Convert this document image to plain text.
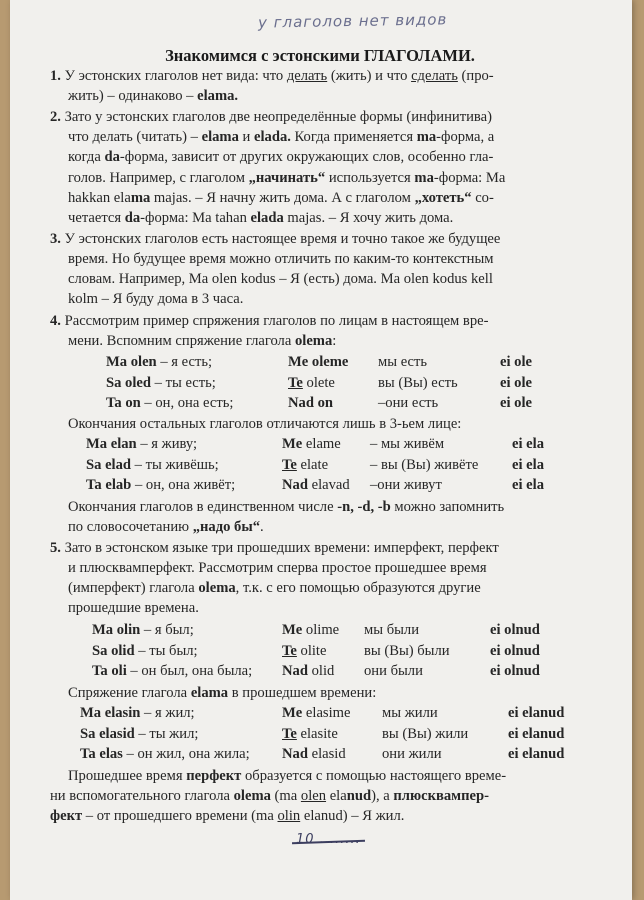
у глаголов нет видов
Знакомимся с эстонскими ГЛАГОЛАМИ.
1. У эстонских глаголов нет вида: что делать (жить) и что сделать (про-
жить) – одинаково – elama.
2. Зато у эстонских глаголов две неопределённые формы (инфинитива)
что делать (читать) – elama и elada. Когда применяется ma-форма, а
когда da-форма, зависит от других окружающих слов, особенно гла-
голов. Например, с глаголом „начинать“ используется ma-форма: Ma
hakkan elama majas. – Я начну жить дома. А с глаголом „хотеть“ со-
четается da-форма: Ma tahan elada majas. – Я хочу жить дома.
3. У эстонских глаголов есть настоящее время и точно такое же будущее
время. Но будущее время можно отличить по каким-то контекстным
словам. Например, Ma olen kodus – Я (есть) дома. Ma olen kodus kell
kolm – Я буду дома в 3 часа.
4. Рассмотрим пример спряжения глаголов по лицам в настоящем вре-
мени. Вспомним спряжение глагола olema:
Ma olen – я есть;	Me oleme мы есть	ei ole
Sa oled – ты есть;	Te olete	вы (Вы) есть	ei ole
Ta on – он, она есть;	Nad on	–они есть	ei ole
Окончания остальных глаголов отличаются лишь в 3-ьем лице:
Ma elan – я живу;	Me elame – мы живём	ei ela
Sa elad – ты живёшь;	Te elate	– вы (Вы) живёте ei ela
Ta elab – он, она живёт;	Nad elavad –они живут	ei ela
Окончания глаголов в единственном числе -n, -d, -b можно запомнить
по словосочетанию „надо бы“.
5. Зато в эстонском языке три прошедших времени: имперфект, перфект
и плюсквамперфект. Рассмотрим сперва простое прошедшее время
(имперфект) глагола olema, т.к. с его помощью образуются другие
прошедшие времена.
Ma olin – я был;	Me olime мы были	ei olnud
Sa olid – ты был;	Te olite	вы (Вы) были	ei olnud
Ta oli – он был, она была; Nad olid они были	ei olnud
Спряжение глагола elama в прошедшем времени:
Ma elasin – я жил;	Me elasime мы жили	ei elanud
Sa elasid – ты жил;	Te elasite	вы (Вы) жили	ei elanud
Ta elas – он жил, она жила; Nad elasid они жили	ei elanud
Прошедшее время перфект образуется с помощью настоящего време-
ни вспомогательного глагола olema (ma olen elanud), а плюсквампер-
фект – от прошедшего времени (ma olin elanud) – Я жил.
10 ........
